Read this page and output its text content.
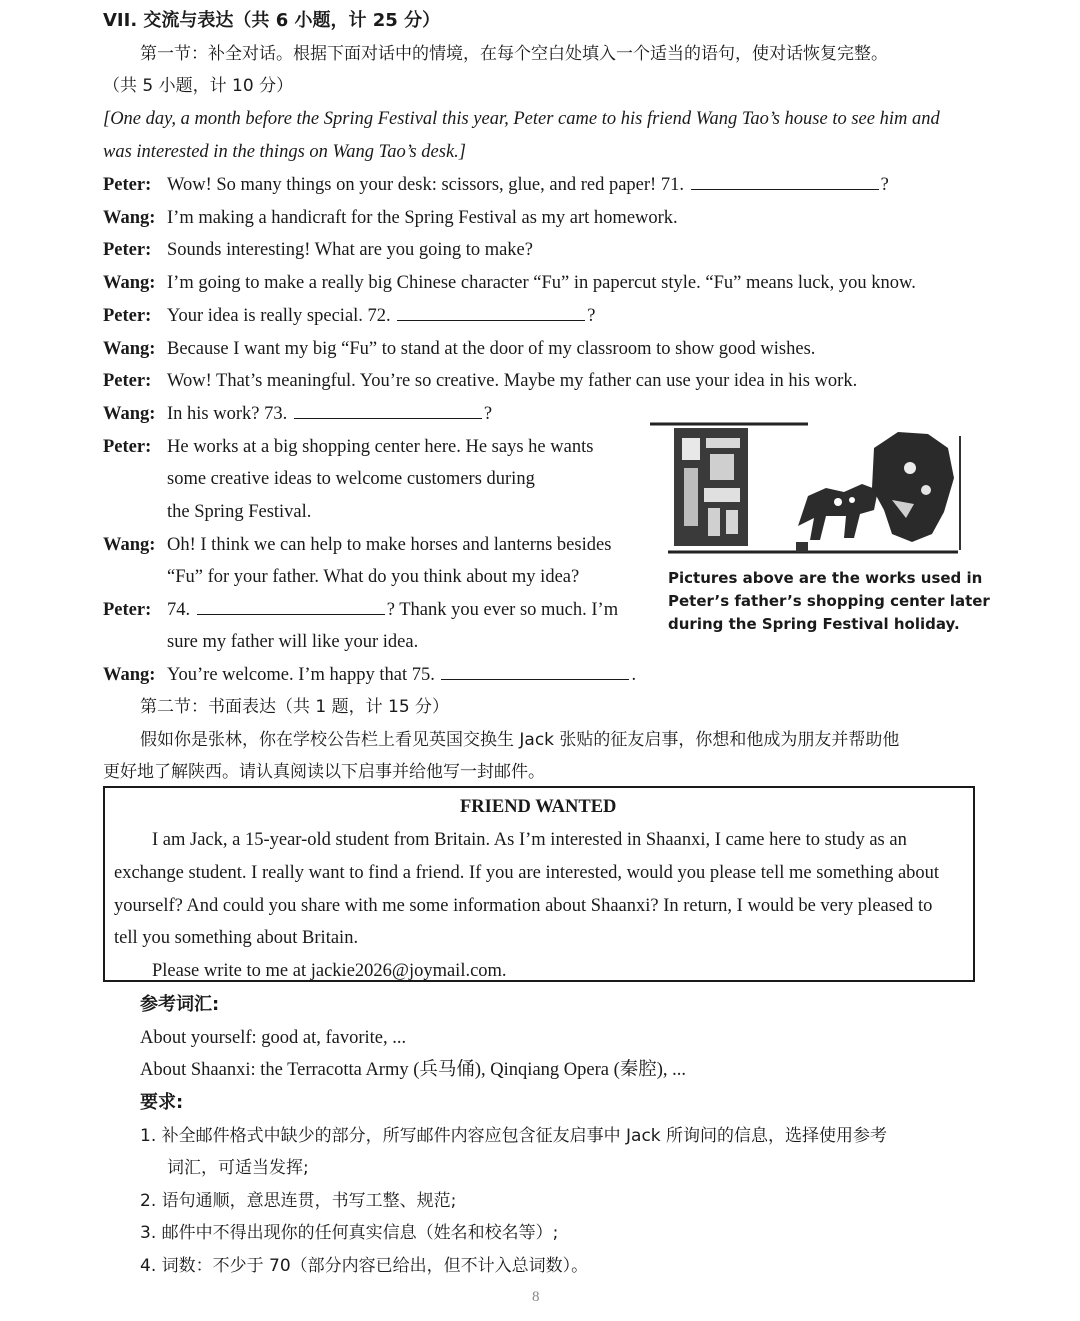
VII. 交流与表达（共 6 小题，计 25 分）
第一节：补全对话。根据下面对话中的情境，在每个空白处填入一个适当的语句，使对话恢复完整。
（共 5 小题，计 10 分）
[One day, a month before the Spring Festival this year, Peter came to his friend Wang Tao’s house to see him and
was interested in the things on Wang Tao’s desk.]
Peter: Wow! So many things on your desk: scissors, glue, and red paper! 71.	?
Wang: I’m making a handicraft for the Spring Festival as my art homework.
Peter: Sounds interesting! What are you going to make?
Wang: I’m going to make a really big Chinese character “Fu” in papercut style. “Fu” means luck, you know.
Peter: Your idea is really special. 72.	?
Wang: Because I want my big “Fu” to stand at the door of my classroom to show good wishes.
Peter: Wow! That’s meaningful. You’re so creative. Maybe my father can use your idea in his work.
Wang: In his work? 73.	?
Peter: He works at a big shopping center here. He says he wants
some creative ideas to welcome customers during
the Spring Festival.
Wang: Oh! I think we can help to make horses and lanterns besides
“Fu” for your father. What do you think about my idea?
Peter: 74.	? Thank you ever so much. I’m
sure my father will like your idea.
Wang: You’re welcome. I’m happy that 75.	.
Pictures above are the works used in
Peter’s father’s shopping center later
during the Spring Festival holiday.
第二节：书面表达（共 1 题，计 15 分）
假如你是张林，你在学校公告栏上看见英国交换生 Jack 张贴的征友启事，你想和他成为朋友并帮助他
更好地了解陕西。请认真阅读以下启事并给他写一封邮件。
FRIEND WANTED
I am Jack, a 15-year-old student from Britain. As I’m interested in Shaanxi, I came here to study as an
exchange student. I really want to find a friend. If you are interested, would you please tell me something about
yourself? And could you share with me some information about Shaanxi? In return, I would be very pleased to
tell you something about Britain.
Please write to me at jackie2026@joymail.com.
参考词汇:
About yourself: good at, favorite, ...
About Shaanxi: the Terracotta Army (兵马俑), Qinqiang Opera (秦腔), ...
要求:
1. 补全邮件格式中缺少的部分，所写邮件内容应包含征友启事中 Jack 所询问的信息，选择使用参考
词汇，可适当发挥;
2. 语句通顺，意思连贯，书写工整、规范;
3. 邮件中不得出现你的任何真实信息（姓名和校名等）;
4. 词数：不少于 70（部分内容已给出，但不计入总词数）。
8
